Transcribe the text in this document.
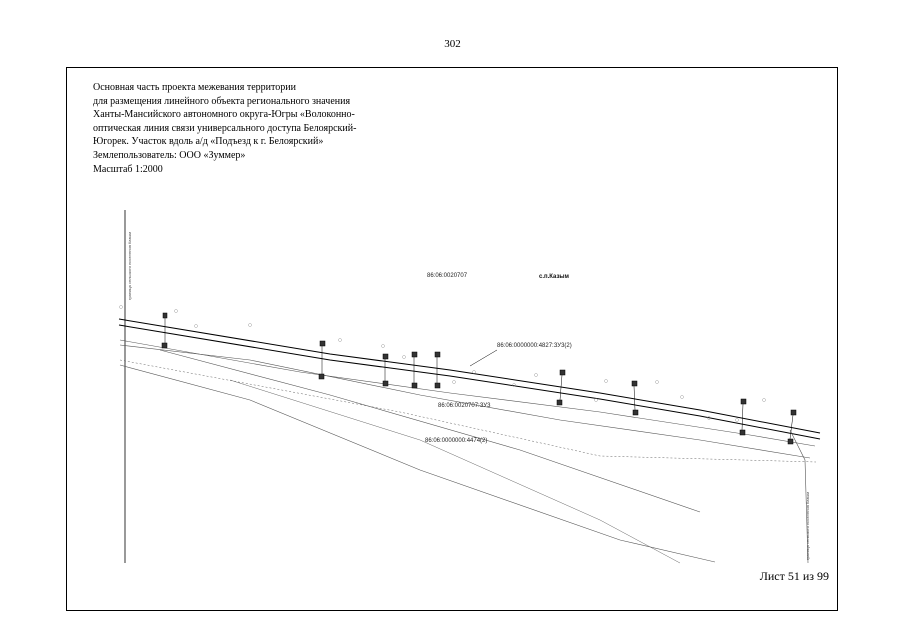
302
Основная часть проекта межевания территории
для размещения линейного объекта регионального значения
Ханты-Мансийского автономного округа-Югры «Волоконно-
оптическая линия связи универсального доступа Белоярский-
Югорек. Участок вдоль а/д «Подъезд к г. Белоярский»
Землепользователь: ООО «Зуммер»
Масштаб 1:2000
граница сельского поселения Казым
граница сельского поселения Казым
86:06:0020707	с.п.Казым
86:06:0000000:4827:ЗУ3(2)
86:06:0020707:ЗУ3
86:06:0000000:4474(2)
Лист 51 из 99
